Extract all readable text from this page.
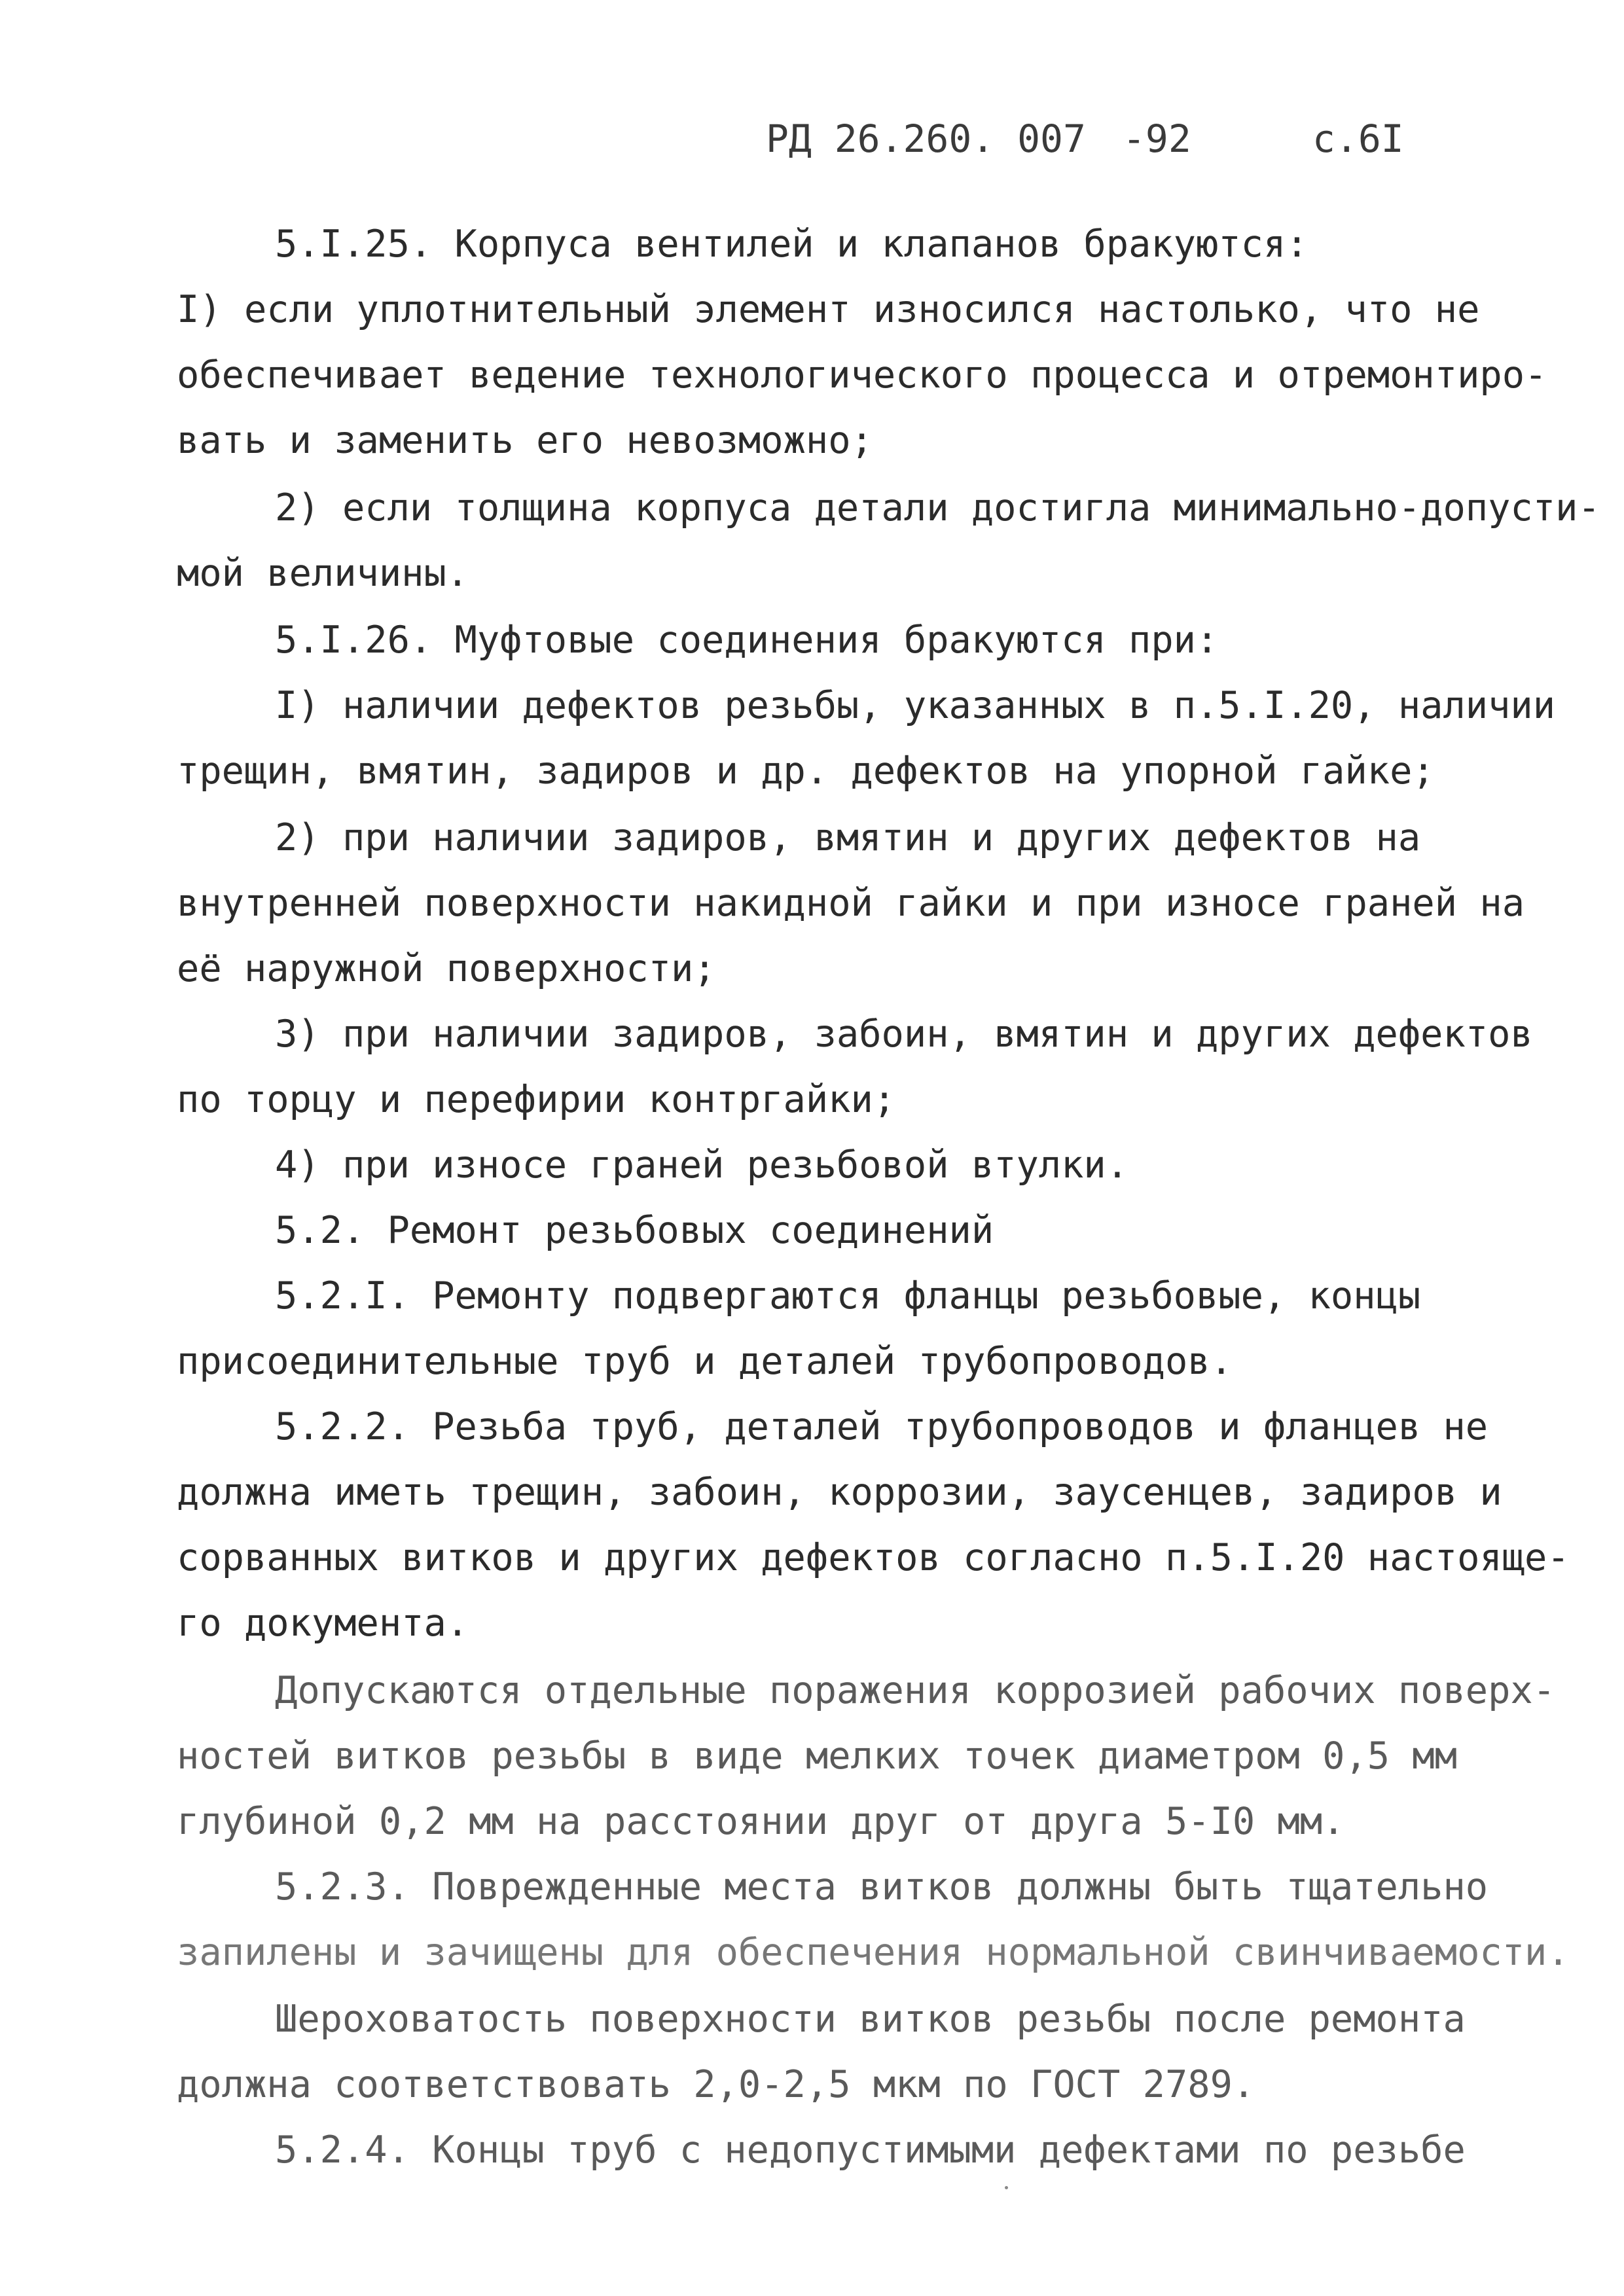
РД 26.260. 007 -92	с.6I
5.I.25. Корпуса вентилей и клапанов бракуются:
I) если уплотнительный элемент износился настолько, что не
обеспечивает ведение технологического процесса и отремонтиро-
вать и заменить его невозможно;
2) если толщина корпуса детали достигла минимально-допусти-
мой величины.
5.I.26. Муфтовые соединения бракуются при:
I) наличии дефектов резьбы, указанных в п.5.I.20, наличии
трещин, вмятин, задиров и др. дефектов на упорной гайке;
2) при наличии задиров, вмятин и других дефектов на
внутренней поверхности накидной гайки и при износе граней на
её наружной поверхности;
3) при наличии задиров, забоин, вмятин и других дефектов
по торцу и перефирии контргайки;
4) при износе граней резьбовой втулки.
5.2. Ремонт резьбовых соединений
5.2.I. Ремонту подвергаются фланцы резьбовые, концы
присоединительные труб и деталей трубопроводов.
5.2.2. Резьба труб, деталей трубопроводов и фланцев не
должна иметь трещин, забоин, коррозии, заусенцев, задиров и
сорванных витков и других дефектов согласно п.5.I.20 настояще-
го документа.
Допускаются отдельные поражения коррозией рабочих поверх-
ностей витков резьбы в виде мелких точек диаметром 0,5 мм
глубиной 0,2 мм на расстоянии друг от друга 5-I0 мм.
5.2.3. Поврежденные места витков должны быть тщательно
запилены и зачищены для обеспечения нормальной свинчиваемости.
Шероховатость поверхности витков резьбы после ремонта
должна соответствовать 2,0-2,5 мкм по ГОСТ 2789.
5.2.4. Концы труб с недопустимыми дефектами по резьбе
